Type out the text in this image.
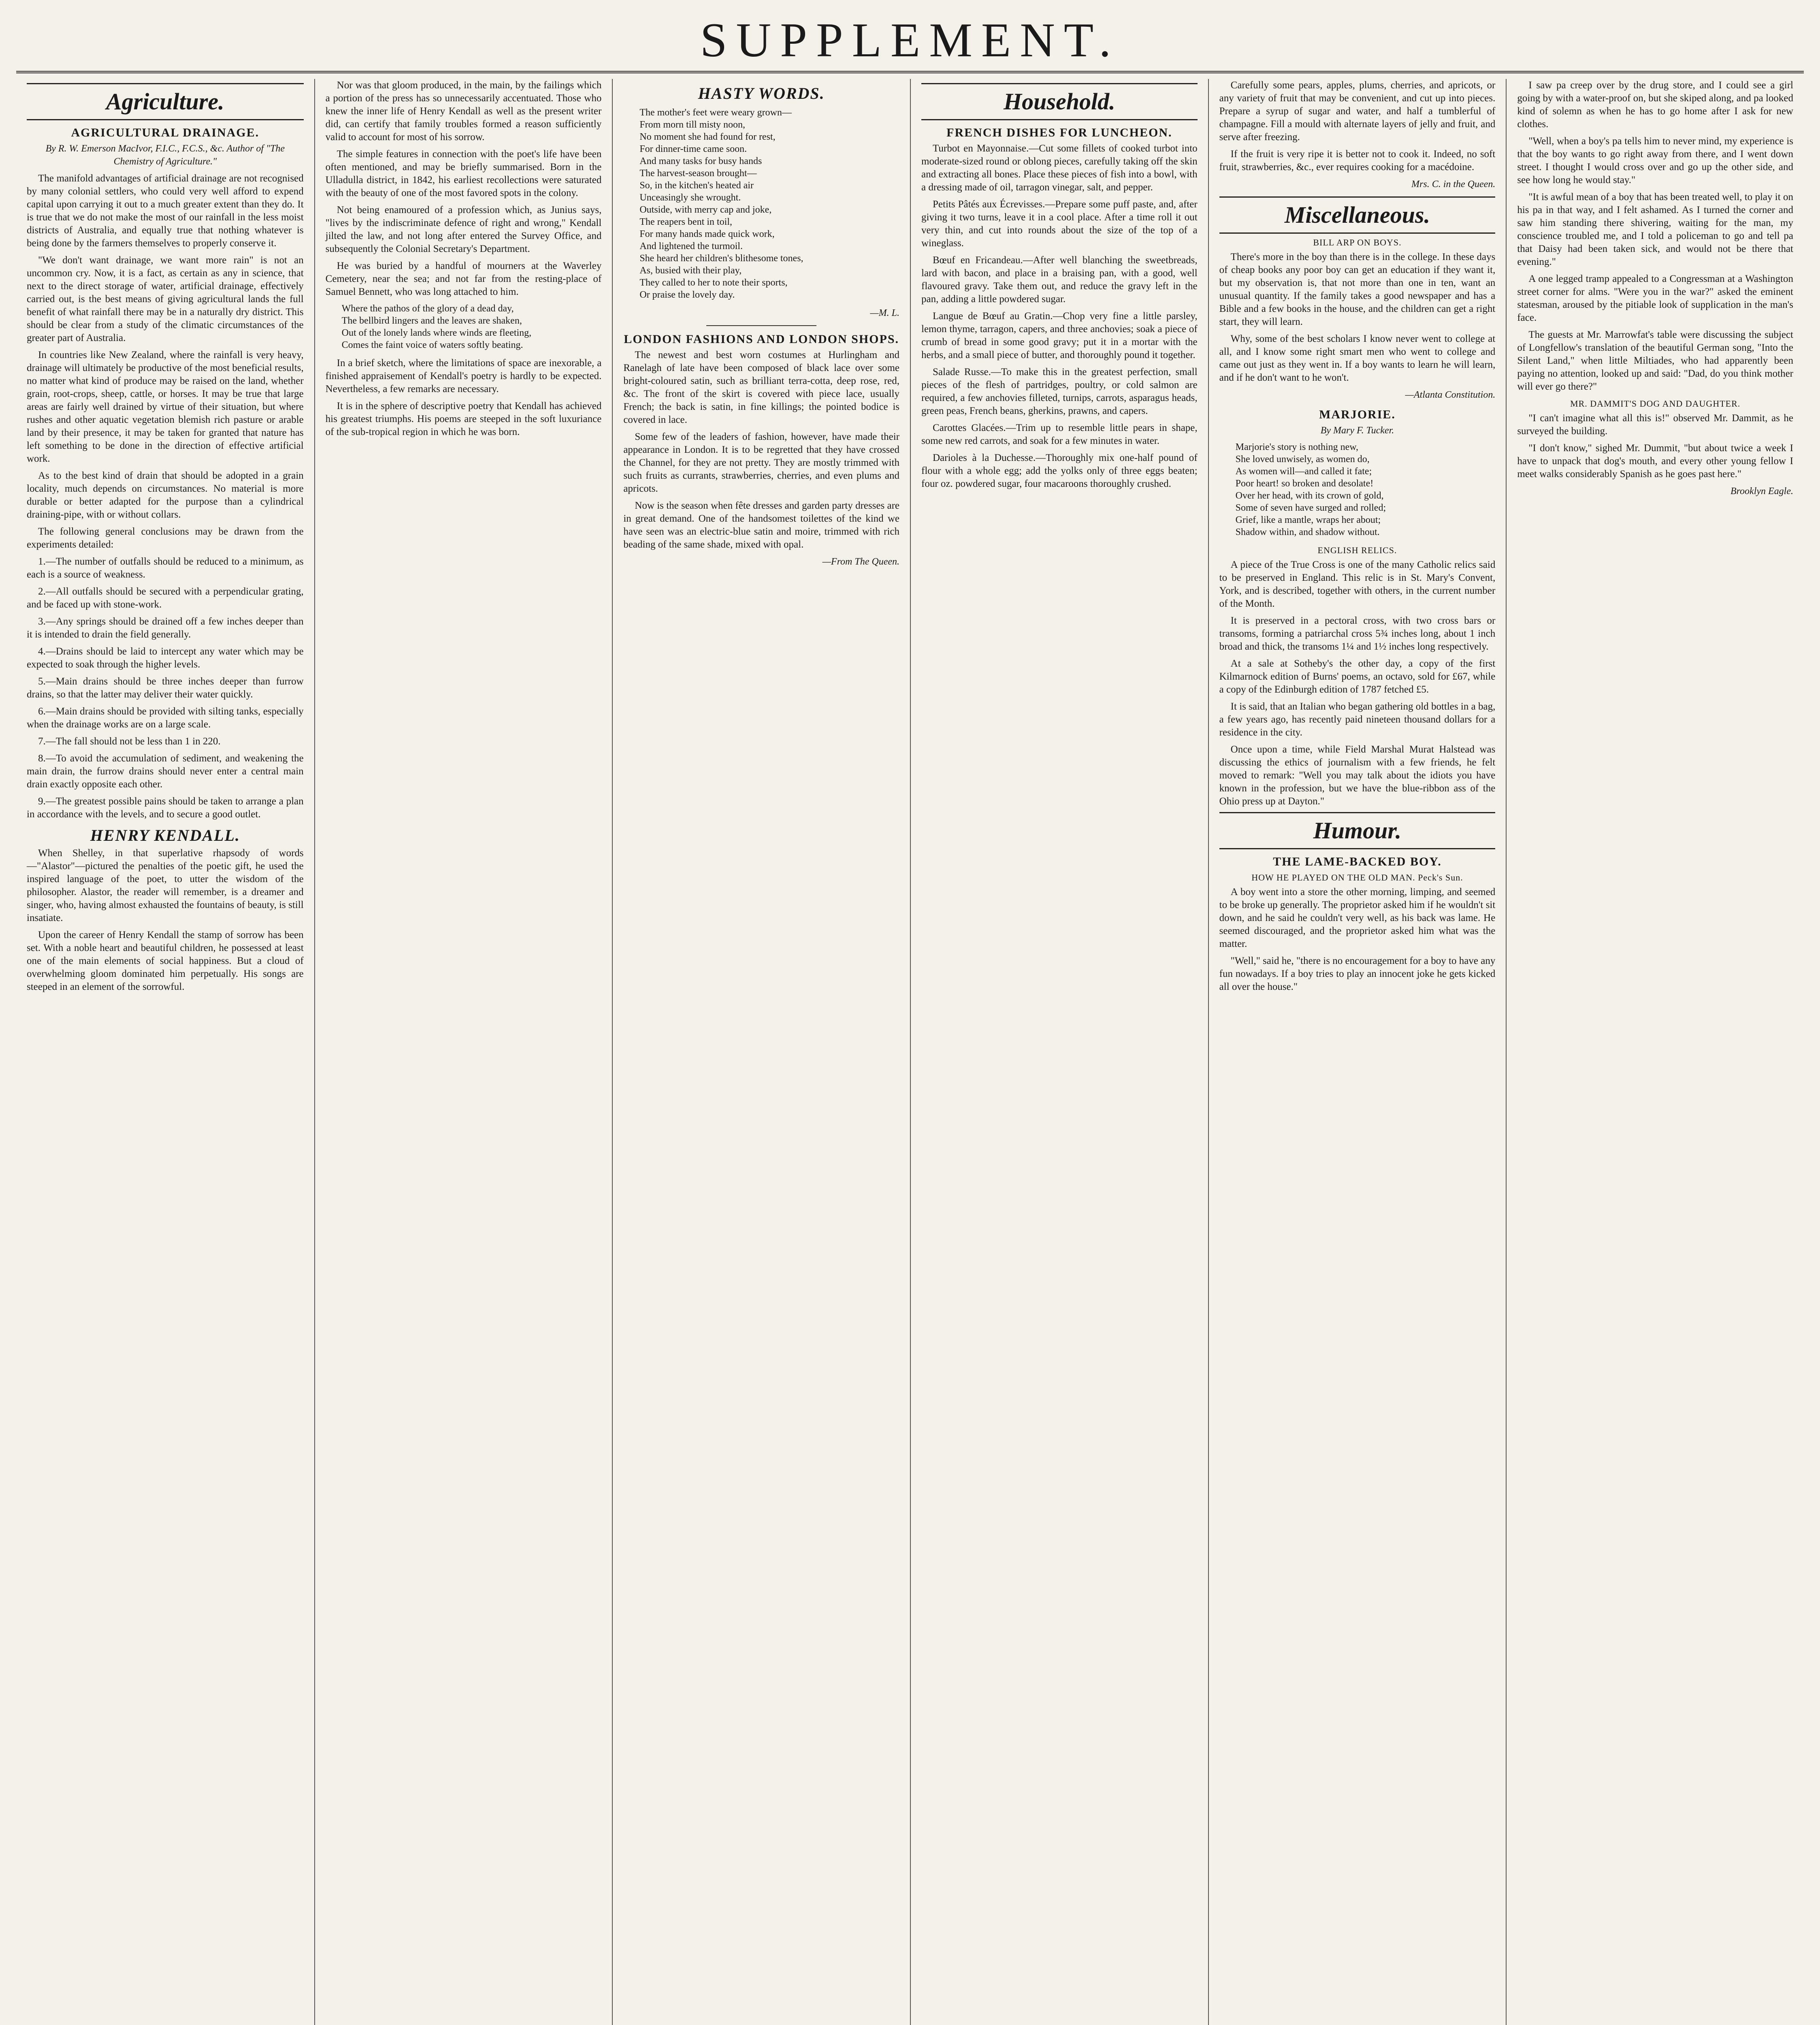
SUPPLEMENT.
Agriculture.
AGRICULTURAL DRAINAGE.
By R. W. Emerson MacIvor, F.I.C., F.C.S., &c. Author of "The Chemistry of Agriculture."

The manifold advantages of artificial drainage are not recognised by many colonial settlers, who could very well afford to expend capital upon carrying it out to a much greater extent than they do. It is true that we do not make the most of our rainfall in the less moist districts of Australia, and equally true that nothing whatever is being done by the farmers themselves to properly conserve it.

"We don't want drainage, we want more rain" is not an uncommon cry. Now, it is a fact, as certain as any in science, that next to the direct storage of water, artificial drainage, effectively carried out, is the best means of giving agricultural lands the full benefit of what rainfall there may be in a naturally dry district. This should be clear from a study of the climatic circumstances of the greater part of Australia.

In countries like New Zealand, where the rainfall is very heavy, drainage will ultimately be productive of the most beneficial results, no matter what kind of produce may be raised on the land, whether grain, root-crops, sheep, cattle, or horses. It may be true that large areas are fairly well drained by virtue of their situation, but where rushes and other aquatic vegetation blemish rich pasture or arable land by their presence, it may be taken for granted that nature has left something to be done in the direction of effective artificial work.

As to the best kind of drain that should be adopted in a grain locality, much depends on circumstances. No material is more durable or better adapted for the purpose than a cylindrical draining-pipe, with or without collars.

The following general conclusions may be drawn from the experiments detailed:

1.—The number of outfalls should be reduced to a minimum, as each is a source of weakness.

2.—All outfalls should be secured with a perpendicular grating, and be faced up with stone-work.

3.—Any springs should be drained off a few inches deeper than it is intended to drain the field generally.

4.—Drains should be laid to intercept any water which may be expected to soak through the higher levels.

5.—Main drains should be three inches deeper than furrow drains, so that the latter may deliver their water quickly.

6.—Main drains should be provided with silting tanks, especially when the drainage works are on a large scale.

7.—The fall should not be less than 1 in 220.

8.—To avoid the accumulation of sediment, and weakening the main drain, the furrow drains should never enter a central main drain exactly opposite each other.

9.—The greatest possible pains should be taken to arrange a plan in accordance with the levels, and to secure a good outlet.

HENRY KENDALL.

When Shelley, in that superlative rhapsody of words—"Alastor"—pictured the penalties of the poetic gift, he used the inspired language of the poet, to utter the wisdom of the philosopher. Alastor, the reader will remember, is a dreamer and singer, who, having almost exhausted the fountains of beauty, is still insatiate.

Upon the career of Henry Kendall the stamp of sorrow has been set. With a noble heart and beautiful children, he possessed at least one of the main elements of social happiness. But a cloud of overwhelming gloom dominated him perpetually. His songs are steeped in an element of the sorrowful.

Nor was that gloom produced, in the main, by the failings which a portion of the press has so unnecessarily accentuated. Those who knew the inner life of Henry Kendall as well as the present writer did, can certify that family troubles formed a reason sufficiently valid to account for most of his sorrow.

The simple features in connection with the poet's life have been often mentioned, and may be briefly summarised. Born in the Ulladulla district, in 1842, his earliest recollections were saturated with the beauty of one of the most favored spots in the colony.

Not being enamoured of a profession which, as Junius says, "lives by the indiscriminate defence of right and wrong," Kendall jilted the law, and not long after entered the Survey Office, and subsequently the Colonial Secretary's Department.

He was buried by a handful of mourners at the Waverley Cemetery, near the sea; and not far from the resting-place of Samuel Bennett, who was long attached to him.

Where the pathos of the glory of a dead day,
The bellbird lingers and the leaves are shaken,
Out of the lonely lands where winds are fleeting,
Comes the faint voice of waters softly beating.

In a brief sketch, where the limitations of space are inexorable, a finished appraisement of Kendall's poetry is hardly to be expected. Nevertheless, a few remarks are necessary.

It is in the sphere of descriptive poetry that Kendall has achieved his greatest triumphs. His poems are steeped in the soft luxuriance of the sub-tropical region in which he was born.

HASTY WORDS.
The mother's feet were weary grown—
From morn till misty noon,
No moment she had found for rest,
For dinner-time came soon.
And many tasks for busy hands
The harvest-season brought—
So, in the kitchen's heated air
Unceasingly she wrought.
Outside, with merry cap and joke,
The reapers bent in toil,
For many hands made quick work,
And lightened the turmoil.
She heard her children's blithesome tones,
As, busied with their play,
They called to her to note their sports,
Or praise the lovely day.
—M. L.
LONDON FASHIONS AND LONDON SHOPS.

The newest and best worn costumes at Hurlingham and Ranelagh of late have been composed of black lace over some bright-coloured satin, such as brilliant terra-cotta, deep rose, red, &c. The front of the skirt is covered with piece lace, usually French; the back is satin, in fine killings; the pointed bodice is covered in lace.

Some few of the leaders of fashion, however, have made their appearance in London. It is to be regretted that they have crossed the Channel, for they are not pretty. They are mostly trimmed with such fruits as currants, strawberries, cherries, and even plums and apricots.

Now is the season when fête dresses and garden party dresses are in great demand. One of the handsomest toilettes of the kind we have seen was an electric-blue satin and moire, trimmed with rich beading of the same shade, mixed with opal.

—From The Queen.
Household.
FRENCH DISHES FOR LUNCHEON.

Turbot en Mayonnaise.—Cut some fillets of cooked turbot into moderate-sized round or oblong pieces, carefully taking off the skin and extracting all bones. Place these pieces of fish into a bowl, with a dressing made of oil, tarragon vinegar, salt, and pepper.

Petits Pâtés aux Écrevisses.—Prepare some puff paste, and, after giving it two turns, leave it in a cool place. After a time roll it out very thin, and cut into rounds about the size of the top of a wineglass.

Bœuf en Fricandeau.—After well blanching the sweetbreads, lard with bacon, and place in a braising pan, with a good, well flavoured gravy. Take them out, and reduce the gravy left in the pan, adding a little powdered sugar.

Langue de Bœuf au Gratin.—Chop very fine a little parsley, lemon thyme, tarragon, capers, and three anchovies; soak a piece of crumb of bread in some good gravy; put it in a mortar with the herbs, and a small piece of butter, and thoroughly pound it together.

Salade Russe.—To make this in the greatest perfection, small pieces of the flesh of partridges, poultry, or cold salmon are required, a few anchovies filleted, turnips, carrots, asparagus heads, green peas, French beans, gherkins, prawns, and capers.

Carottes Glacées.—Trim up to resemble little pears in shape, some new red carrots, and soak for a few minutes in water.

Darioles à la Duchesse.—Thoroughly mix one-half pound of flour with a whole egg; add the yolks only of three eggs beaten; four oz. powdered sugar, four macaroons thoroughly crushed.

Carefully some pears, apples, plums, cherries, and apricots, or any variety of fruit that may be convenient, and cut up into pieces. Prepare a syrup of sugar and water, and half a tumblerful of champagne. Fill a mould with alternate layers of jelly and fruit, and serve after freezing.

If the fruit is very ripe it is better not to cook it. Indeed, no soft fruit, strawberries, &c., ever requires cooking for a macédoine.

Mrs. C. in the Queen.
Miscellaneous.
BILL ARP ON BOYS.

There's more in the boy than there is in the college. In these days of cheap books any poor boy can get an education if they want it, but my observation is, that not more than one in ten, want an unusual quantity. If the family takes a good newspaper and has a Bible and a few books in the house, and the children can get a right start, they will learn.

Why, some of the best scholars I know never went to college at all, and I know some right smart men who went to college and came out just as they went in. If a boy wants to learn he will learn, and if he don't want to he won't.

—Atlanta Constitution.
MARJORIE.
By Mary F. Tucker.
Marjorie's story is nothing new,
She loved unwisely, as women do,
As women will—and called it fate;
Poor heart! so broken and desolate!
Over her head, with its crown of gold,
Some of seven have surged and rolled;
Grief, like a mantle, wraps her about;
Shadow within, and shadow without.
ENGLISH RELICS.

A piece of the True Cross is one of the many Catholic relics said to be preserved in England. This relic is in St. Mary's Convent, York, and is described, together with others, in the current number of the Month.

It is preserved in a pectoral cross, with two cross bars or transoms, forming a patriarchal cross 5¾ inches long, about 1 inch broad and thick, the transoms 1¼ and 1½ inches long respectively.

At a sale at Sotheby's the other day, a copy of the first Kilmarnock edition of Burns' poems, an octavo, sold for £67, while a copy of the Edinburgh edition of 1787 fetched £5.

It is said, that an Italian who began gathering old bottles in a bag, a few years ago, has recently paid nineteen thousand dollars for a residence in the city.

Once upon a time, while Field Marshal Murat Halstead was discussing the ethics of journalism with a few friends, he felt moved to remark: "Well you may talk about the idiots you have known in the profession, but we have the blue-ribbon ass of the Ohio press up at Dayton."

Humour.
THE LAME-BACKED BOY.
HOW HE PLAYED ON THE OLD MAN. Peck's Sun.

A boy went into a store the other morning, limping, and seemed to be broke up generally. The proprietor asked him if he wouldn't sit down, and he said he couldn't very well, as his back was lame. He seemed discouraged, and the proprietor asked him what was the matter.

"Well," said he, "there is no encouragement for a boy to have any fun nowadays. If a boy tries to play an innocent joke he gets kicked all over the house."

I saw pa creep over by the drug store, and I could see a girl going by with a water-proof on, but she skiped along, and pa looked kind of solemn as when he has to go home after I ask for new clothes.

"Well, when a boy's pa tells him to never mind, my experience is that the boy wants to go right away from there, and I went down street. I thought I would cross over and go up the other side, and see how long he would stay."

"It is awful mean of a boy that has been treated well, to play it on his pa in that way, and I felt ashamed. As I turned the corner and saw him standing there shivering, waiting for the man, my conscience troubled me, and I told a policeman to go and tell pa that Daisy had been taken sick, and would not be there that evening."

A one legged tramp appealed to a Congressman at a Washington street corner for alms. "Were you in the war?" asked the eminent statesman, aroused by the pitiable look of supplication in the man's face.

The guests at Mr. Marrowfat's table were discussing the subject of Longfellow's translation of the beautiful German song, "Into the Silent Land," when little Miltiades, who had apparently been paying no attention, looked up and said: "Dad, do you think mother will ever go there?"

MR. DAMMIT'S DOG AND DAUGHTER.

"I can't imagine what all this is!" observed Mr. Dammit, as he surveyed the building.

"I don't know," sighed Mr. Dummit, "but about twice a week I have to unpack that dog's mouth, and every other young fellow I meet walks considerably Spanish as he goes past here."

Brooklyn Eagle.
